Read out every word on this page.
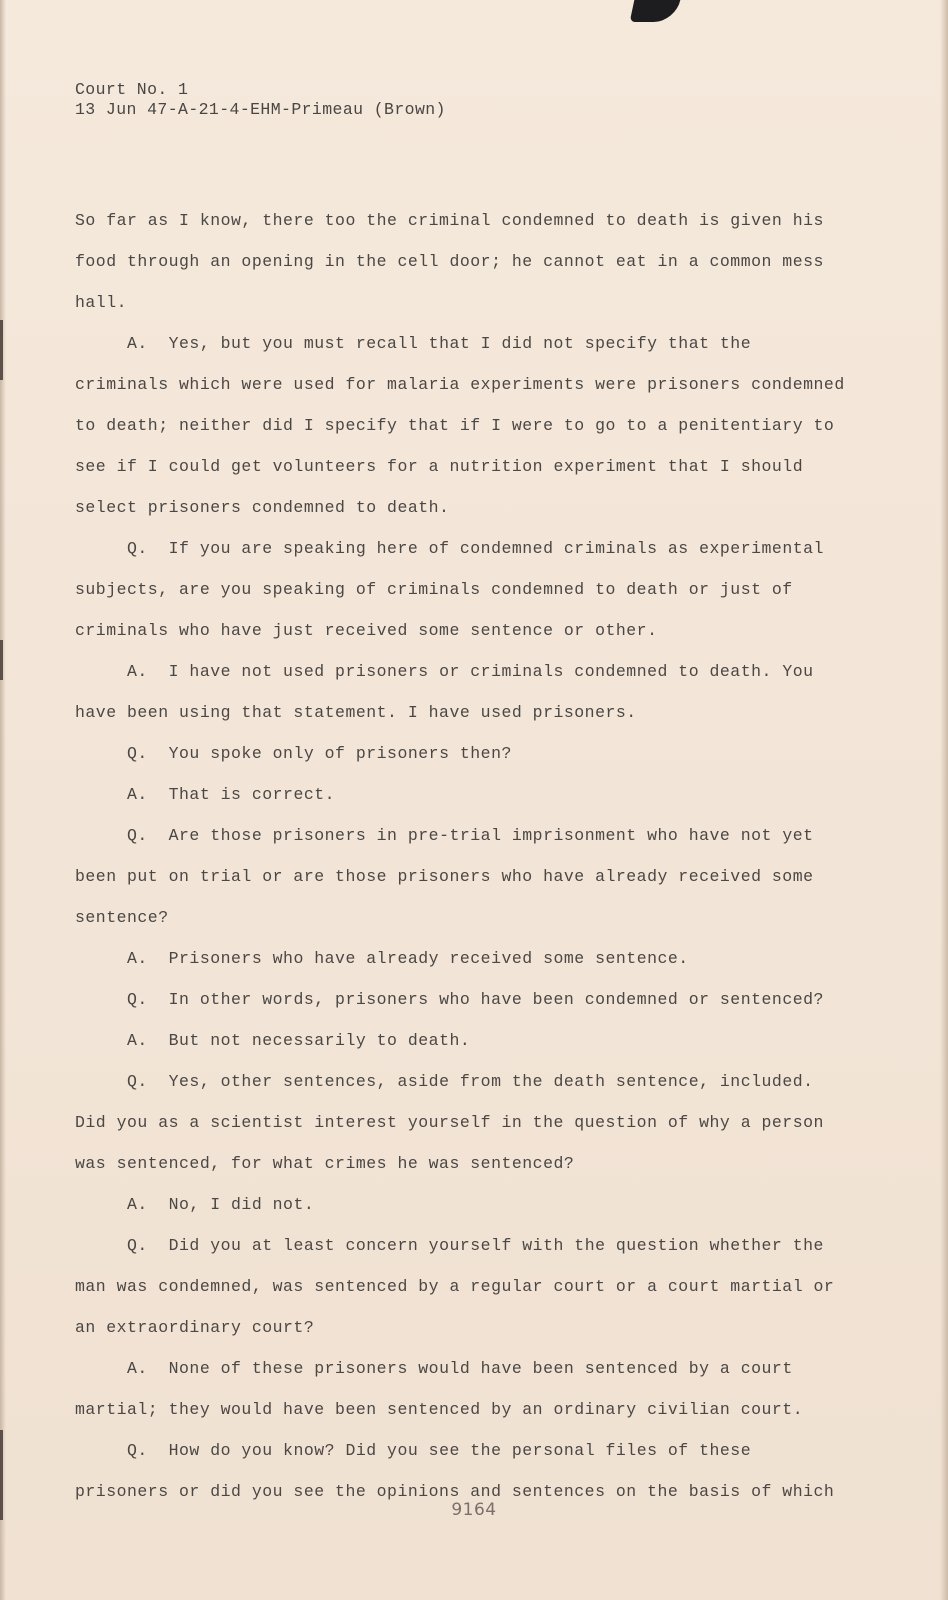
Court No. 1
13 Jun 47-A-21-4-EHM-Primeau (Brown)

So far as I know, there too the criminal condemned to death is given his food through an opening in the cell door; he cannot eat in a common mess hall.

A. Yes, but you must recall that I did not specify that the criminals which were used for malaria experiments were prisoners condemned to death; neither did I specify that if I were to go to a penitentiary to see if I could get volunteers for a nutrition experiment that I should select prisoners condemned to death.

Q. If you are speaking here of condemned criminals as experimental subjects, are you speaking of criminals condemned to death or just of criminals who have just received some sentence or other.

A. I have not used prisoners or criminals condemned to death. You have been using that statement. I have used prisoners.

Q. You spoke only of prisoners then?

A. That is correct.

Q. Are those prisoners in pre-trial imprisonment who have not yet been put on trial or are those prisoners who have already received some sentence?

A. Prisoners who have already received some sentence.

Q. In other words, prisoners who have been condemned or sentenced?

A. But not necessarily to death.

Q. Yes, other sentences, aside from the death sentence, included. Did you as a scientist interest yourself in the question of why a person was sentenced, for what crimes he was sentenced?

A. No, I did not.

Q. Did you at least concern yourself with the question whether the man was condemned, was sentenced by a regular court or a court martial or an extraordinary court?

A. None of these prisoners would have been sentenced by a court martial; they would have been sentenced by an ordinary civilian court.

Q. How do you know? Did you see the personal files of these prisoners or did you see the opinions and sentences on the basis of which

9164
